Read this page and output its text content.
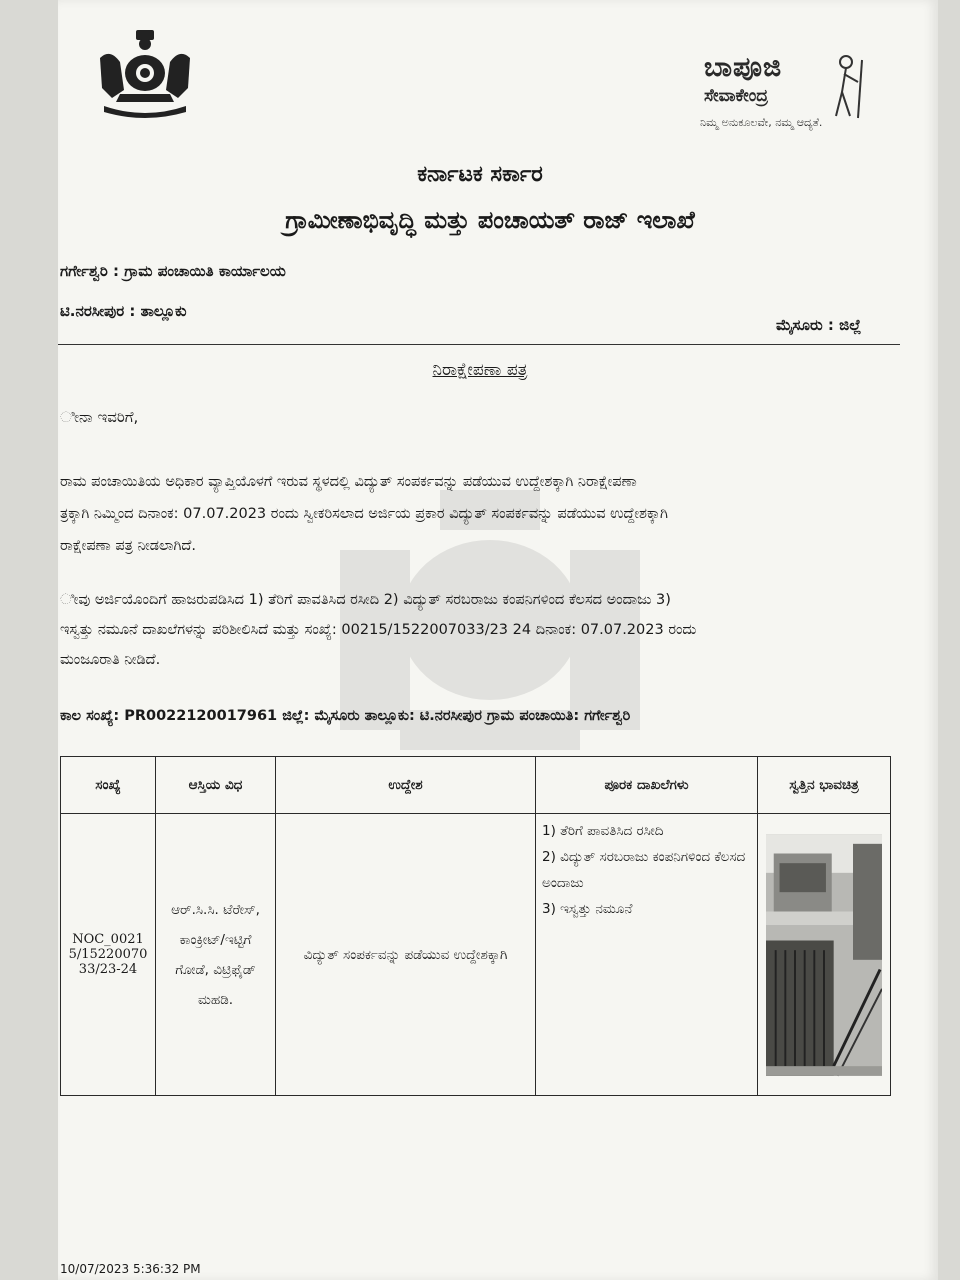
ಬಾಪೂಜಿ
ಸೇವಾಕೇಂದ್ರ
ನಿಮ್ಮ ಅನುಕೂಲವೇ, ನಮ್ಮ ಆದ್ಯತೆ.
ಕರ್ನಾಟಕ ಸರ್ಕಾರ
ಗ್ರಾಮೀಣಾಭಿವೃದ್ಧಿ ಮತ್ತು ಪಂಚಾಯತ್ ರಾಜ್ ಇಲಾಖೆ
ಗರ್ಗೇಶ್ವರಿ : ಗ್ರಾಮ ಪಂಚಾಯಿತಿ ಕಾರ್ಯಾಲಯ
ಟಿ.ನರಸೀಪುರ : ತಾಲ್ಲೂಕು
ಮೈಸೂರು : ಜಿಲ್ಲೆ
ನಿರಾಕ್ಷೇಪಣಾ ಪತ್ರ
ೀನಾ ಇವರಿಗೆ,
ರಾಮ ಪಂಚಾಯಿತಿಯ ಅಧಿಕಾರ ವ್ಯಾಪ್ತಿಯೊಳಗೆ ಇರುವ ಸ್ಥಳದಲ್ಲಿ ವಿದ್ಯುತ್ ಸಂಪರ್ಕವನ್ನು ಪಡೆಯುವ ಉದ್ದೇಶಕ್ಕಾಗಿ ನಿರಾಕ್ಷೇಪಣಾ
ತ್ರಕ್ಕಾಗಿ ನಿಮ್ಮಿಂದ ದಿನಾಂಕ: 07.07.2023 ರಂದು ಸ್ವೀಕರಿಸಲಾದ ಅರ್ಜಿಯ ಪ್ರಕಾರ ವಿದ್ಯುತ್ ಸಂಪರ್ಕವನ್ನು ಪಡೆಯುವ ಉದ್ದೇಶಕ್ಕಾಗಿ
ರಾಕ್ಷೇಪಣಾ ಪತ್ರ ನೀಡಲಾಗಿದೆ.
ೀವು ಅರ್ಜಿಯೊಂದಿಗೆ ಹಾಜರುಪಡಿಸಿದ 1) ತೆರಿಗೆ ಪಾವತಿಸಿದ ರಸೀದಿ 2) ವಿದ್ಯುತ್ ಸರಬರಾಜು ಕಂಪನಿಗಳಿಂದ ಕೆಲಸದ ಅಂದಾಜು 3)
ಇಸ್ವತ್ತು ನಮೂನೆ ದಾಖಲೆಗಳನ್ನು ಪರಿಶೀಲಿಸಿದೆ ಮತ್ತು ಸಂಖ್ಯೆ: 00215/1522007033/23 24 ದಿನಾಂಕ: 07.07.2023 ರಂದು
ಮಂಜೂರಾತಿ ನೀಡಿದೆ.
ಕಾಲ ಸಂಖ್ಯೆ: PR0022120017961 ಜಿಲ್ಲೆ: ಮೈಸೂರು ತಾಲ್ಲೂಕು: ಟಿ.ನರಸೀಪುರ ಗ್ರಾಮ ಪಂಚಾಯಿತಿ: ಗರ್ಗೇಶ್ವರಿ
ಸಂಖ್ಯೆ	ಆಸ್ತಿಯ ವಿಧ	ಉದ್ದೇಶ	ಪೂರಕ ದಾಖಲೆಗಳು	ಸ್ವತ್ತಿನ ಭಾವಚಿತ್ರ
NOC_00215/1522007033/23-24	ಆರ್.ಸಿ.ಸಿ. ಟೆರೇಸ್, ಕಾಂಕ್ರೀಟ್/ಇಟ್ಟಿಗೆ ಗೋಡೆ, ವಿಟ್ರಿಫೈಡ್ ಮಹಡಿ.	ವಿದ್ಯುತ್ ಸಂಪರ್ಕವನ್ನು ಪಡೆಯುವ ಉದ್ದೇಶಕ್ಕಾಗಿ	1) ತೆರಿಗೆ ಪಾವತಿಸಿದ ರಸೀದಿ
2) ವಿದ್ಯುತ್ ಸರಬರಾಜು ಕಂಪನಿಗಳಿಂದ ಕೆಲಸದ ಅಂದಾಜು
3) ಇಸ್ವತ್ತು ನಮೂನೆ

10/07/2023 5:36:32 PM
